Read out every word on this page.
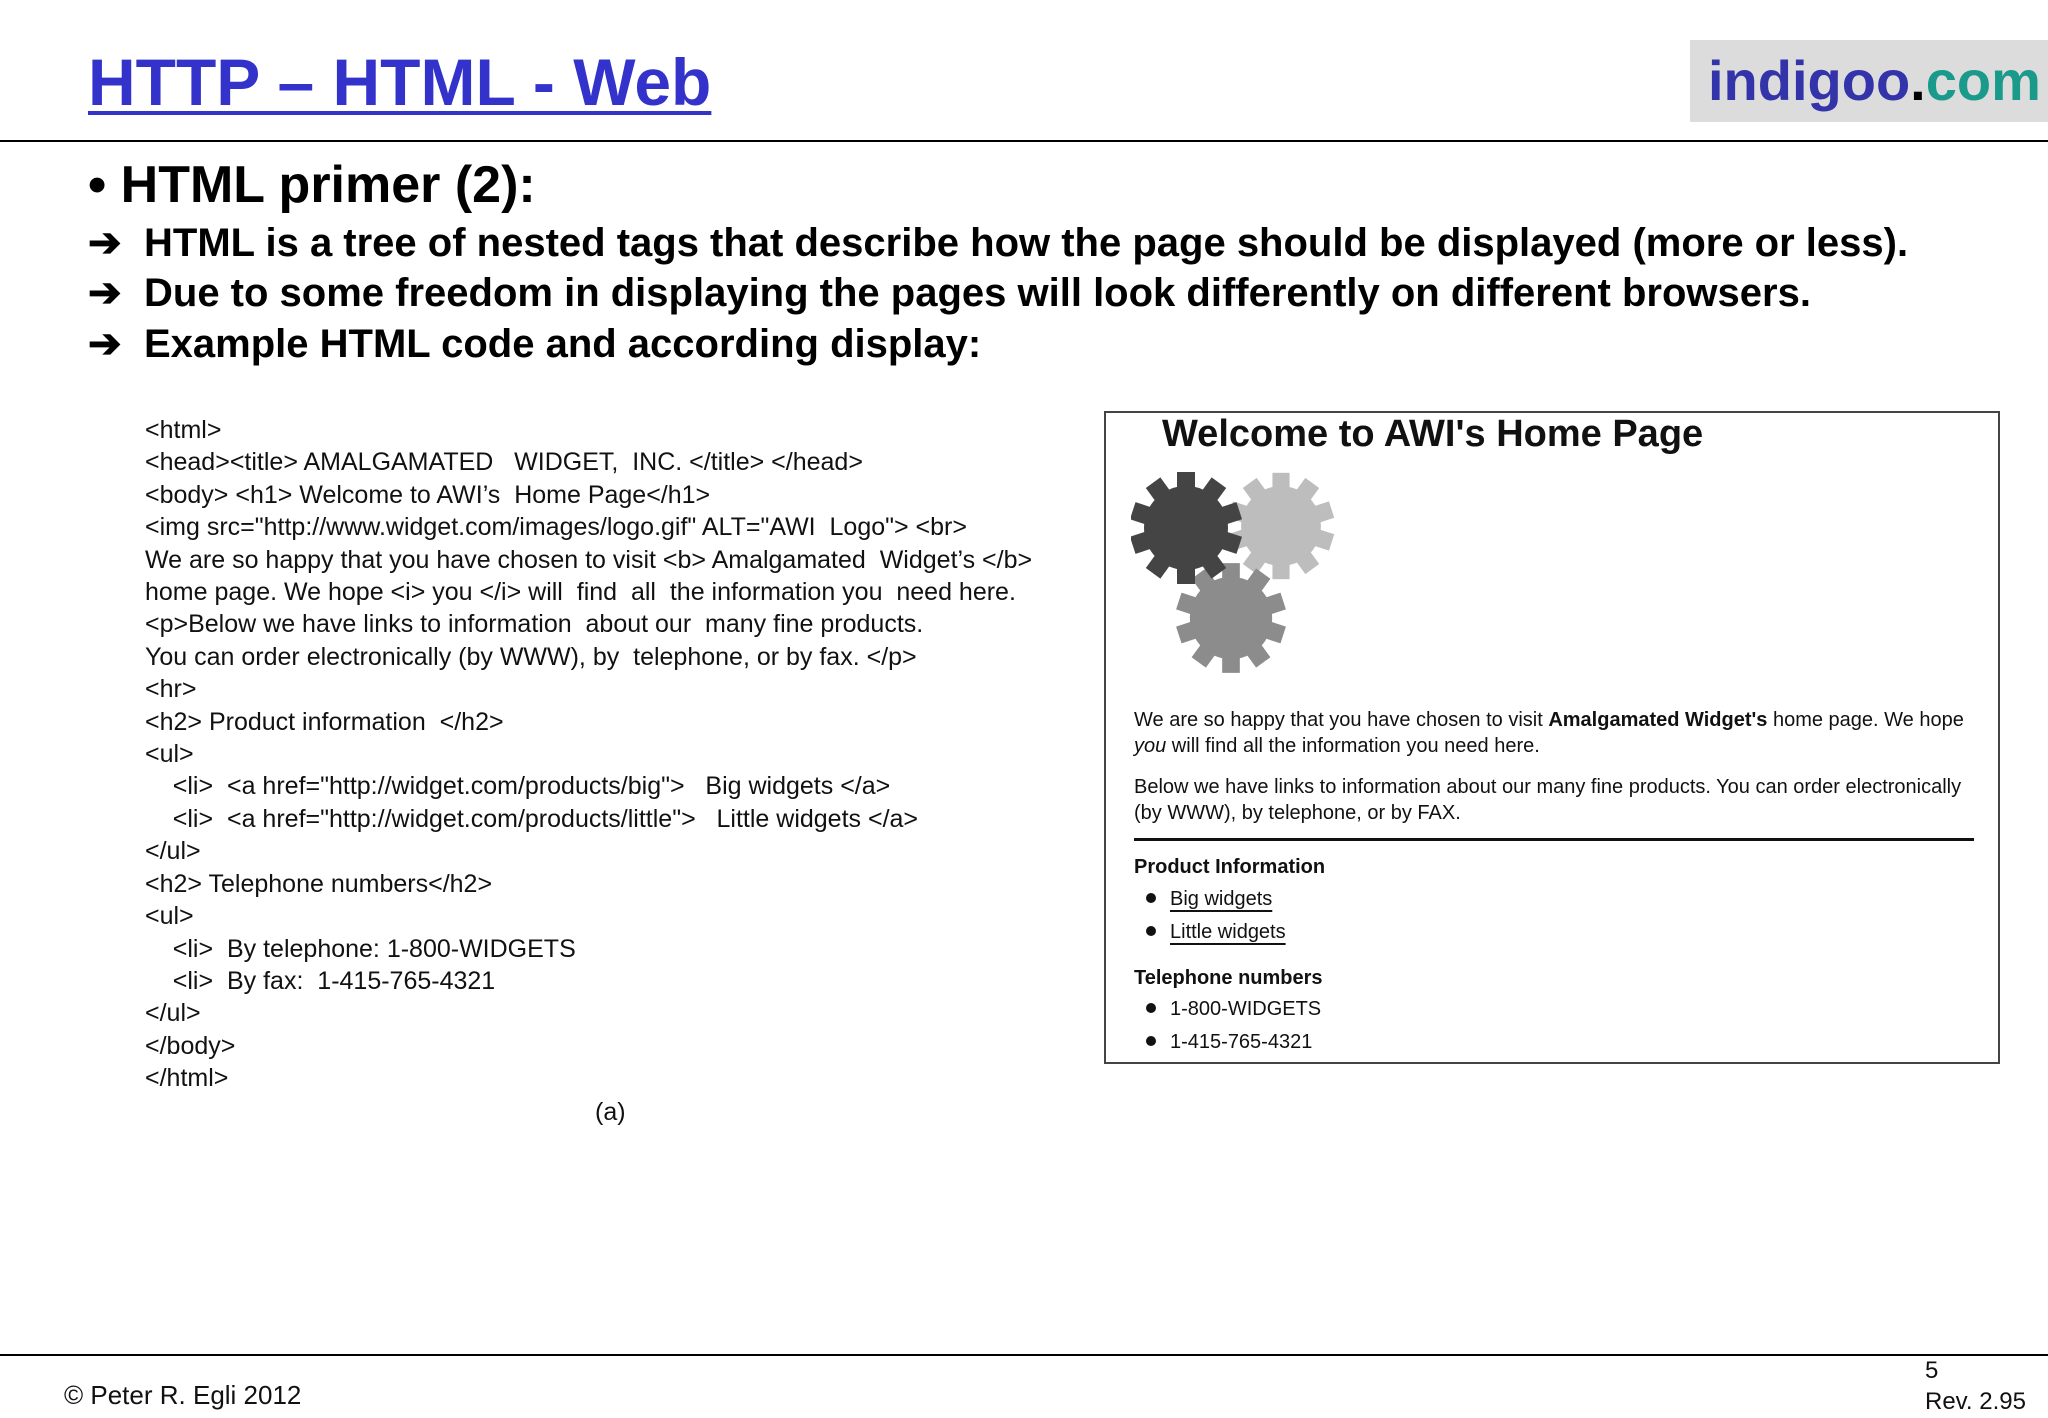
HTTP – HTML - Web	indigoo.com
• HTML primer (2):
➔ HTML is a tree of nested tags that describe how the page should be displayed (more or less).
➔ Due to some freedom in displaying the pages will look differently on different browsers.
➔ Example HTML code and according display:
<html>
<head><title> AMALGAMATED   WIDGET,  INC. </title> </head>
<body> <h1> Welcome to AWI’s  Home Page</h1>
<img src="http://www.widget.com/images/logo.gif" ALT="AWI  Logo"> <br>
We are so happy that you have chosen to visit <b> Amalgamated  Widget’s </b>
home page. We hope <i> you </i> will  find  all  the information you  need here.
<p>Below we have links to information  about our  many fine products.
You can order electronically (by WWW), by  telephone, or by fax. </p>
<hr>
<h2> Product information  </h2>
<ul>
<li>  <a href="http://widget.com/products/big">   Big widgets </a>
<li>  <a href="http://widget.com/products/little">   Little widgets </a>
</ul>
<h2> Telephone numbers</h2>
<ul>
<li>  By telephone: 1-800-WIDGETS
<li>  By fax:  1-415-765-4321
</ul>
</body>
</html>
(a)
Welcome to AWI's Home Page
We are so happy that you have chosen to visit Amalgamated Widget's home page. We hope
you will find all the information you need here.
Below we have links to information about our many fine products. You can order electronically (by WWW), by telephone, or by FAX.
Product Information
Big widgets
Little widgets
Telephone numbers
1-800-WIDGETS
1-415-765-4321
© Peter R. Egli 2012
5
Rev. 2.95
